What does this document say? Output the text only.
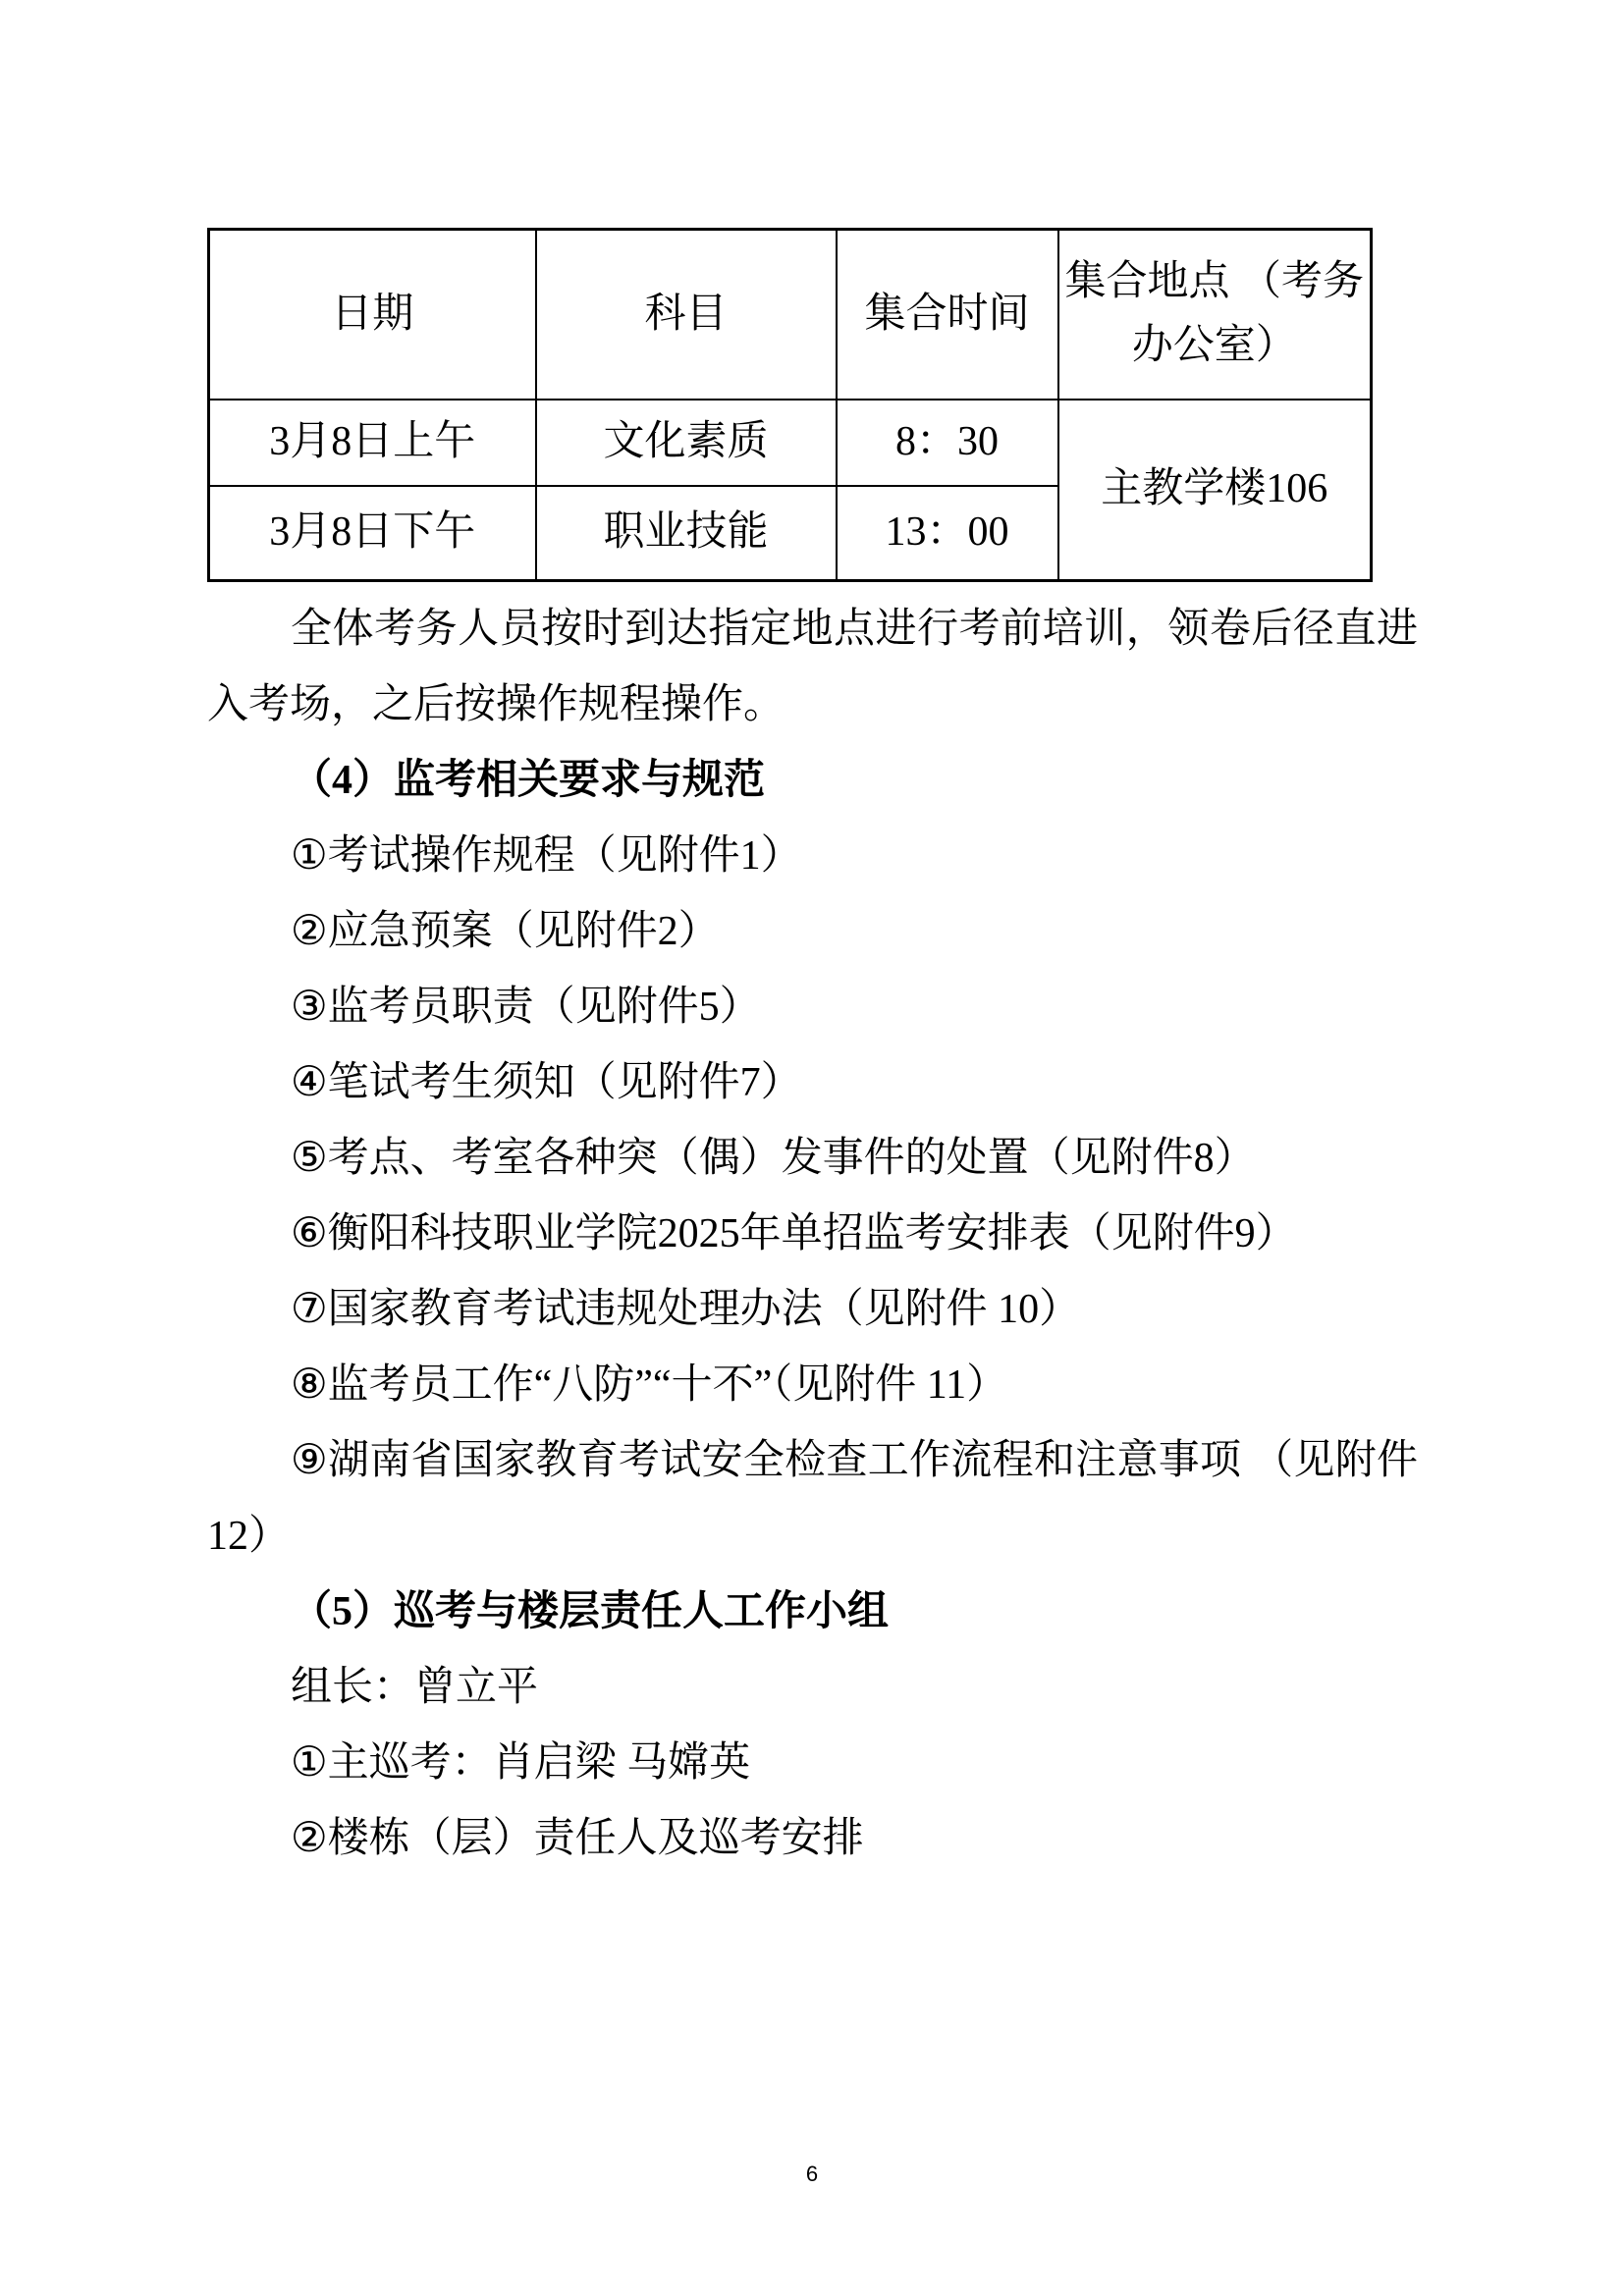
日期	科目	集合时间	集合地点 （考务办公室）
3月8日上午	文化素质	8：30	主教学楼106
3月8日下午	职业技能	13：00	
全体考务人员按时到达指定地点进行考前培训，领卷后径直进
入考场，之后按操作规程操作。
（4）监考相关要求与规范
①考试操作规程（见附件1）
②应急预案（见附件2）
③监考员职责（见附件5）
④笔试考生须知（见附件7）
⑤考点、考室各种突（偶）发事件的处置（见附件8）
⑥衡阳科技职业学院2025年单招监考安排表（见附件9）
⑦国家教育考试违规处理办法（见附件 10）
⑧监考员工作“八防”“十不”（见附件 11）
⑨湖南省国家教育考试安全检查工作流程和注意事项 （见附件
12）
（5）巡考与楼层责任人工作小组
组长：曾立平
①主巡考：肖启梁 马嫦英
②楼栋（层）责任人及巡考安排
6
